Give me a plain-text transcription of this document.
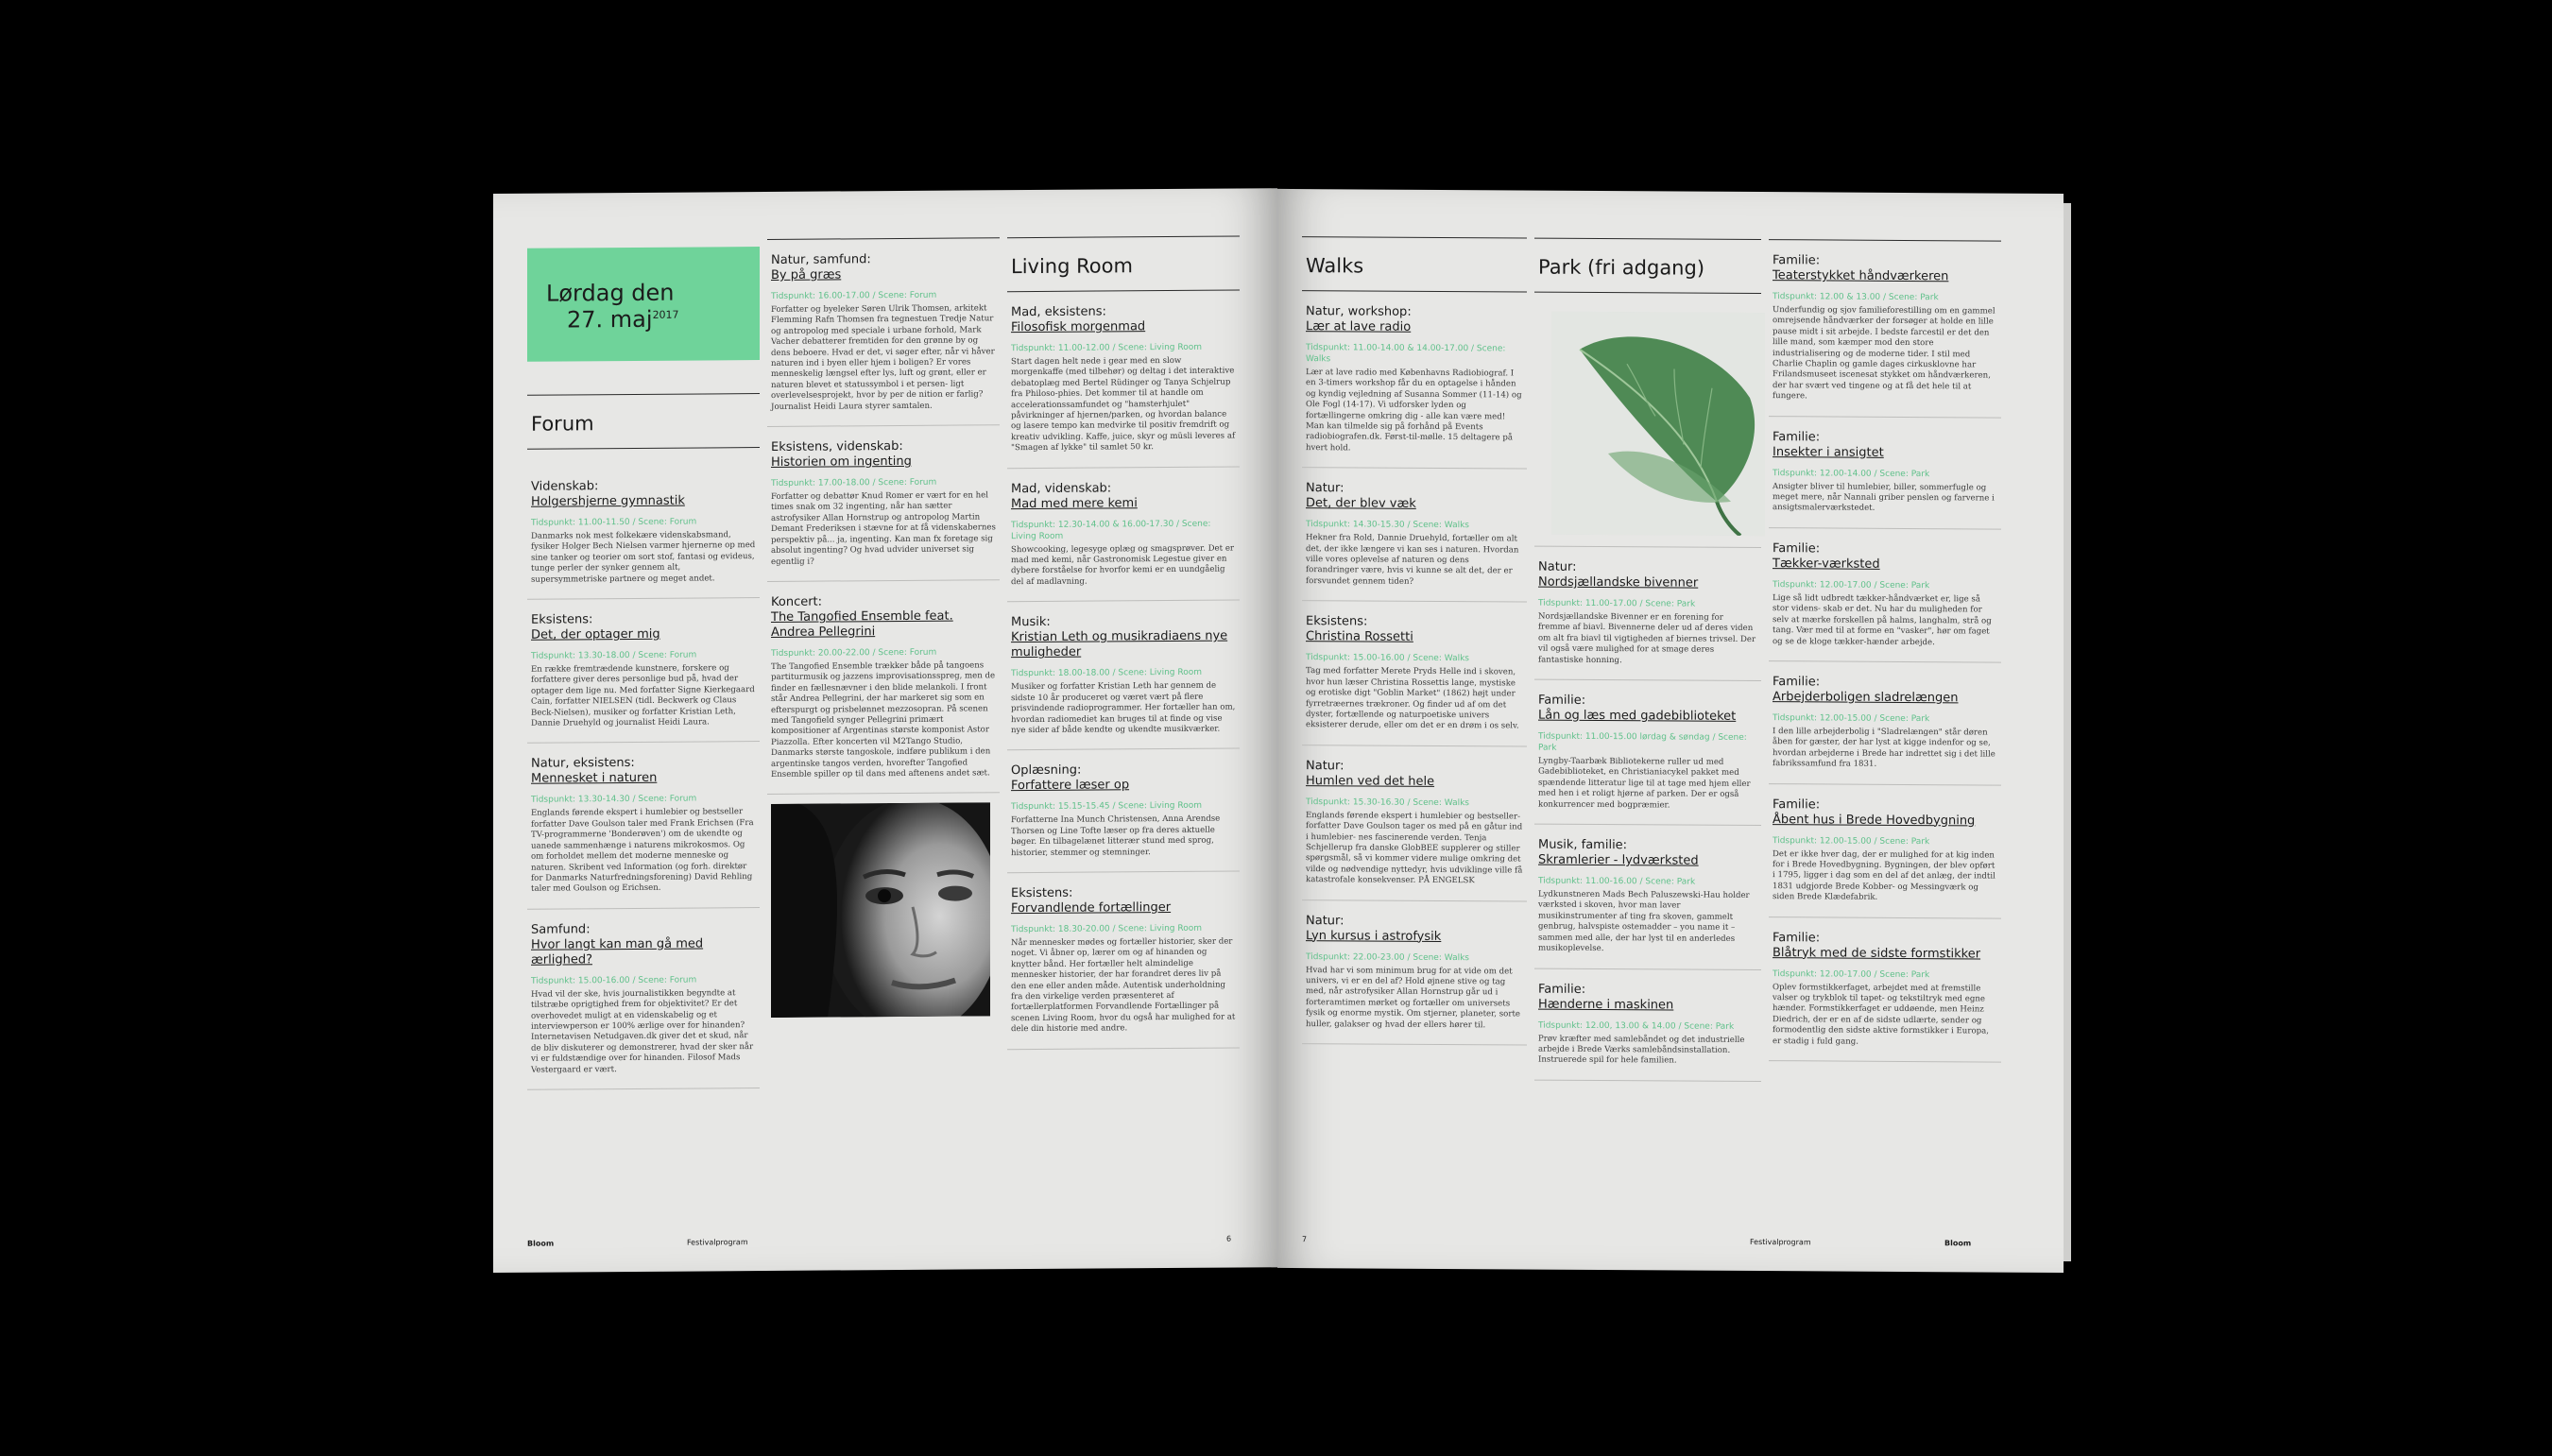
Lørdag den
27. maj$^{2017}$
Forum
Videnskab:
Holgershjerne gymnastik
Tidspunkt: 11.00-11.50 / Scene: Forum
Danmarks nok mest folkekære videnskabsmand, fysiker Holger Bech Nielsen varmer hjernerne op med sine tanker og teorier om sort stof, fantasi og evideus, tunge perler der synker gennem alt, supersymmetriske partnere og meget andet.
Eksistens:
Det, der optager mig
Tidspunkt: 13.30-18.00 / Scene: Forum
En række fremtrædende kunstnere, forskere og forfattere giver deres personlige bud på, hvad der optager dem lige nu. Med forfatter Signe Kierkegaard Cain, forfatter NIELSEN (tidl. Beckwerk og Claus Beck-Nielsen), musiker og forfatter Kristian Leth, Dannie Druehyld og journalist Heidi Laura.
Natur, eksistens:
Mennesket i naturen
Tidspunkt: 13.30-14.30 / Scene: Forum
Englands førende ekspert i humlebier og bestseller forfatter Dave Goulson taler med Frank Erichsen (Fra TV-programmerne 'Bonderøven') om de ukendte og uanede sammenhænge i naturens mikrokosmos. Og om forholdet mellem det moderne menneske og naturen. Skribent ved Information (og forh. direktør for Danmarks Naturfredningsforening) David Rehling taler med Goulson og Erichsen.
Samfund:
Hvor langt kan man gå med ærlighed?
Tidspunkt: 15.00-16.00 / Scene: Forum
Hvad vil der ske, hvis journalistikken begyndte at tilstræbe oprigtighed frem for objektivitet? Er det overhovedet muligt at en videnskabelig og et interviewperson er 100% ærlige over for hinanden? Internetavisen Netudgaven.dk giver det et skud, når de bliv diskuterer og demonstrerer, hvad der sker når vi er fuldstændige over for hinanden. Filosof Mads Vestergaard er vært.
Natur, samfund:
By på græs
Tidspunkt: 16.00-17.00 / Scene: Forum
Forfatter og byeleker Søren Ulrik Thomsen, arkitekt Flemming Rafn Thomsen fra tegnestuen Tredje Natur og antropolog med speciale i urbane forhold, Mark Vacher debatterer fremtiden for den grønne by og dens beboere. Hvad er det, vi søger efter, når vi håver naturen ind i byen eller hjem i boligen? Er vores menneskelig længsel efter lys, luft og grønt, eller er naturen blevet et statussymbol i et persen- ligt overlevelsesprojekt, hvor by per de nition er farlig? Journalist Heidi Laura styrer samtalen.
Eksistens, videnskab:
Historien om ingenting
Tidspunkt: 17.00-18.00 / Scene: Forum
Forfatter og debattør Knud Romer er vært for en hel times snak om 32 ingenting, når han sætter astrofysiker Allan Hornstrup og antropolog Martin Demant Frederiksen i stævne for at få videnskabernes perspektiv på... ja, ingenting. Kan man fx foretage sig absolut ingenting? Og hvad udvider universet sig egentlig i?
Koncert:
The Tangofied Ensemble feat. Andrea Pellegrini
Tidspunkt: 20.00-22.00 / Scene: Forum
The Tangofied Ensemble trækker både på tangoens partiturmusik og jazzens improvisationsspreg, men de finder en fællesnævner i den blide melankoli. I front står Andrea Pellegrini, der har markeret sig som en efterspurgt og prisbelønnet mezzosopran. På scenen med Tangofield synger Pellegrini primært kompositioner af Argentinas største komponist Astor Piazzolla. Efter koncerten vil M2Tango Studio, Danmarks største tangoskole, indføre publikum i den argentinske tangos verden, hvorefter Tangofied Ensemble spiller op til dans med aftenens andet sæt.
Living Room
Mad, eksistens:
Filosofisk morgenmad
Tidspunkt: 11.00-12.00 / Scene: Living Room
Start dagen helt nede i gear med en slow morgenkaffe (med tilbehør) og deltag i det interaktive debatoplæg med Bertel Rüdinger og Tanya Schjelrup fra Philoso-phies. Det kommer til at handle om accelerationssamfundet og "hamsterhjulet" påvirkninger af hjernen/parken, og hvordan balance og lasere tempo kan medvirke til positiv fremdrift og kreativ udvikling. Kaffe, juice, skyr og müsli leveres af "Smagen af lykke" til samlet 50 kr.
Mad, videnskab:
Mad med mere kemi
Tidspunkt: 12.30-14.00 & 16.00-17.30 / Scene: Living Room
Showcooking, legesyge oplæg og smagsprøver. Det er mad med kemi, når Gastronomisk Legestue giver en dybere forståelse for hvorfor kemi er en uundgåelig del af madlavning.
Musik:
Kristian Leth og musikradiaens nye muligheder
Tidspunkt: 18.00-18.00 / Scene: Living Room
Musiker og forfatter Kristian Leth har gennem de sidste 10 år produceret og været vært på flere prisvindende radioprogrammer. Her fortæller han om, hvordan radiomediet kan bruges til at finde og vise nye sider af både kendte og ukendte musikværker.
Oplæsning:
Forfattere læser op
Tidspunkt: 15.15-15.45 / Scene: Living Room
Forfatterne Ina Munch Christensen, Anna Arendse Thorsen og Line Tofte læser op fra deres aktuelle bøger. En tilbagelænet litterær stund med sprog, historier, stemmer og stemninger.
Eksistens:
Forvandlende fortællinger
Tidspunkt: 18.30-20.00 / Scene: Living Room
Når mennesker mødes og fortæller historier, sker der noget. Vi åbner op, lærer om og af hinanden og knytter bånd. Her fortæller helt almindelige mennesker historier, der har forandret deres liv på den ene eller anden måde. Autentisk underholdning fra den virkelige verden præsenteret af fortællerplatformen Forvandlende Fortællinger på scenen Living Room, hvor du også har mulighed for at dele din historie med andre.
Bloom	Festivalprogram	6
Walks
Natur, workshop:
Lær at lave radio
Tidspunkt: 11.00-14.00 & 14.00-17.00 / Scene: Walks
Lær at lave radio med Københavns Radiobiograf. I en 3-timers workshop får du en optagelse i hånden og kyndig vejledning af Susanna Sommer (11-14) og Ole Fogl (14-17). Vi udforsker lyden og fortællingerne omkring dig - alle kan være med! Man kan tilmelde sig på forhånd på Events radiobiografen.dk. Først-til-mølle. 15 deltagere på hvert hold.
Natur:
Det, der blev væk
Tidspunkt: 14.30-15.30 / Scene: Walks
Hekner fra Rold, Dannie Druehyld, fortæller om alt det, der ikke længere vi kan ses i naturen. Hvordan ville vores oplevelse af naturen og dens forandringer være, hvis vi kunne se alt det, der er forsvundet gennem tiden?
Eksistens:
Christina Rossetti
Tidspunkt: 15.00-16.00 / Scene: Walks
Tag med forfatter Merete Pryds Helle ind i skoven, hvor hun læser Christina Rossettis lange, mystiske og erotiske digt "Goblin Market" (1862) højt under fyrretræernes trækroner. Og finder ud af om det dyster, fortællende og naturpoetiske univers eksisterer derude, eller om det er en drøm i os selv.
Natur:
Humlen ved det hele
Tidspunkt: 15.30-16.30 / Scene: Walks
Englands førende ekspert i humlebier og bestseller-forfatter Dave Goulson tager os med på en gåtur ind i humlebier- nes fascinerende verden. Tenja Schjellerup fra danske GlobBEE supplerer og stiller spørgsmål, så vi kommer videre mulige omkring det vilde og nødvendige nyttedyr, hvis udviklinge ville få katastrofale konsekvenser. PÅ ENGELSK
Natur:
Lyn kursus i astrofysik
Tidspunkt: 22.00-23.00 / Scene: Walks
Hvad har vi som minimum brug for at vide om det univers, vi er en del af? Hold øjnene stive og tag med, når astrofysiker Allan Hornstrup går ud i forteramtimen mørket og fortæller om universets fysik og enorme mystik. Om stjerner, planeter, sorte huller, galakser og hvad der ellers hører til.
Park (fri adgang)
Natur:
Nordsjællandske bivenner
Tidspunkt: 11.00-17.00 / Scene: Park
Nordsjællandske Bivenner er en forening for fremme af biavl. Bivennerne deler ud af deres viden om alt fra biavl til vigtigheden af biernes trivsel. Der vil også være mulighed for at smage deres fantastiske honning.
Familie:
Lån og læs med gadebiblioteket
Tidspunkt: 11.00-15.00 lørdag & søndag / Scene: Park
Lyngby-Taarbæk Bibliotekerne ruller ud med Gadebiblioteket, en Christianiacykel pakket med spændende litteratur lige til at tage med hjem eller med hen i et roligt hjørne af parken. Der er også konkurrencer med bogpræmier.
Musik, familie:
Skramlerier - lydværksted
Tidspunkt: 11.00-16.00 / Scene: Park
Lydkunstneren Mads Bech Paluszewski-Hau holder værksted i skoven, hvor man laver musikinstrumenter af ting fra skoven, gammelt genbrug, halvspiste ostemadder – you name it – sammen med alle, der har lyst til en anderledes musikoplevelse.
Familie:
Hænderne i maskinen
Tidspunkt: 12.00, 13.00 & 14.00 / Scene: Park
Prøv kræfter med samlebåndet og det industrielle arbejde i Brede Værks samlebåndsinstallation. Instruerede spil for hele familien.
Familie:
Teaterstykket håndværkeren
Tidspunkt: 12.00 & 13.00 / Scene: Park
Underfundig og sjov familieforestilling om en gammel omrejsende håndværker der forsøger at holde en lille pause midt i sit arbejde. I bedste farcestil er det den lille mand, som kæmper mod den store industrialisering og de moderne tider. I stil med Charlie Chaplin og gamle dages cirkusklovne har Frilandsmuseet iscenesat stykket om håndværkeren, der har svært ved tingene og at få det hele til at fungere.
Familie:
Insekter i ansigtet
Tidspunkt: 12.00-14.00 / Scene: Park
Ansigter bliver til humlebier, biller, sommerfugle og meget mere, når Nannali griber penslen og farverne i ansigtsmalerværkstedet.
Familie:
Tækker-værksted
Tidspunkt: 12.00-17.00 / Scene: Park
Lige så lidt udbredt tækker-håndværket er, lige så stor videns- skab er det. Nu har du muligheden for selv at mærke forskellen på halms, langhalm, strå og tang. Vær med til at forme en "vasker", hør om faget og se de kloge tækker-hænder arbejde.
Familie:
Arbejderboligen sladrelængen
Tidspunkt: 12.00-15.00 / Scene: Park
I den lille arbejderbolig i "Sladrelængen" står døren åben for gæster, der har lyst at kigge indenfor og se, hvordan arbejderne i Brede har indrettet sig i det lille fabrikssamfund fra 1831.
Familie:
Åbent hus i Brede Hovedbygning
Tidspunkt: 12.00-15.00 / Scene: Park
Det er ikke hver dag, der er mulighed for at kig inden for i Brede Hovedbygning. Bygningen, der blev opført i 1795, ligger i dag som en del af det anlæg, der indtil 1831 udgjorde Brede Kobber- og Messingværk og siden Brede Klædefabrik.
Familie:
Blåtryk med de sidste formstikker
Tidspunkt: 12.00-17.00 / Scene: Park
Oplev formstikkerfaget, arbejdet med at fremstille valser og trykblok til tapet- og tekstiltryk med egne hænder. Formstikkerfaget er uddøende, men Heinz Diedrich, der er en af de sidste udlærte, sender og formodentlig den sidste aktive formstikker i Europa, er stadig i fuld gang.
7	Festivalprogram	Bloom
